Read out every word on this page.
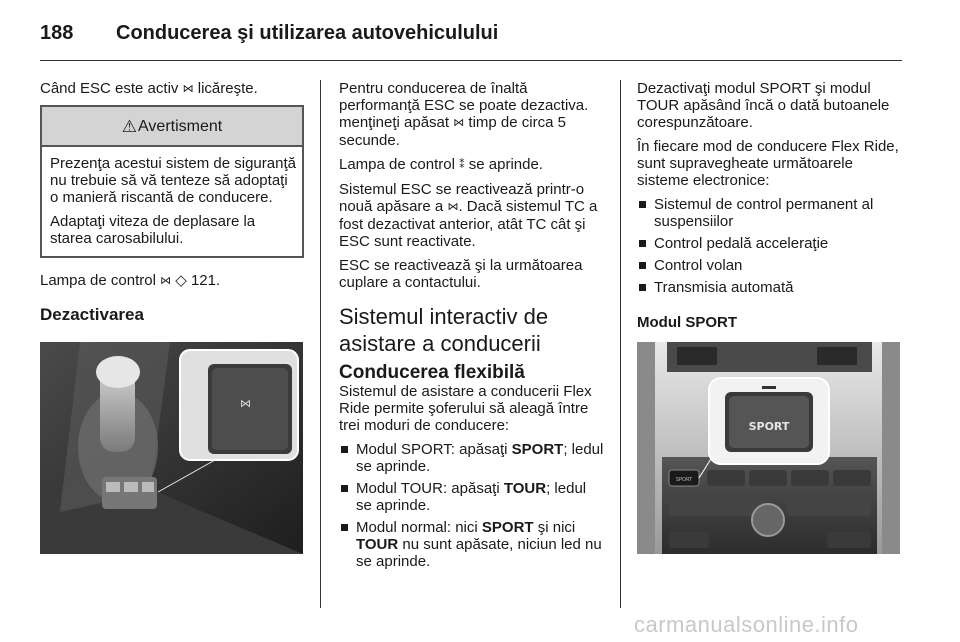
188 Conducerea şi utilizarea autovehiculului

Când ESC este activ ⋈ licăreşte.

⚠ Avertisment

Prezenţa acestui sistem de siguranţă nu trebuie să vă tenteze să adoptaţi o manieră riscantă de conducere.

Adaptaţi viteza de deplasare la starea carosabilului.

Lampa de control ⋈ ◇ 121.

Dezactivarea
⋈

Pentru conducerea de înaltă performanţă ESC se poate dezactiva. menţineţi apăsat ⋈ timp de circa 5 secunde.

Lampa de control ⁑ se aprinde.

Sistemul ESC se reactivează printr-o nouă apăsare a ⋈. Dacă sistemul TC a fost dezactivat anterior, atât TC cât şi ESC sunt reactivate.

ESC se reactivează şi la următoarea cuplare a contactului.

Sistemul interactiv de asistare a conducerii
Conducerea flexibilă

Sistemul de asistare a conducerii Flex Ride permite şoferului să aleagă între trei moduri de conducere:

Modul SPORT: apăsaţi SPORT; ledul se aprinde.
Modul TOUR: apăsaţi TOUR; ledul se aprinde.
Modul normal: nici SPORT şi nici TOUR nu sunt apăsate, niciun led nu se aprinde.

Dezactivaţi modul SPORT şi modul TOUR apăsând încă o dată butoanele corespunzătoare.

În fiecare mod de conducere Flex Ride, sunt supravegheate următoarele sisteme electronice:

Sistemul de control permanent al suspensiilor
Control pedală acceleraţie
Control volan
Transmisia automată
Modul SPORT
SPORT
SPORT
carmanualsonline.info
